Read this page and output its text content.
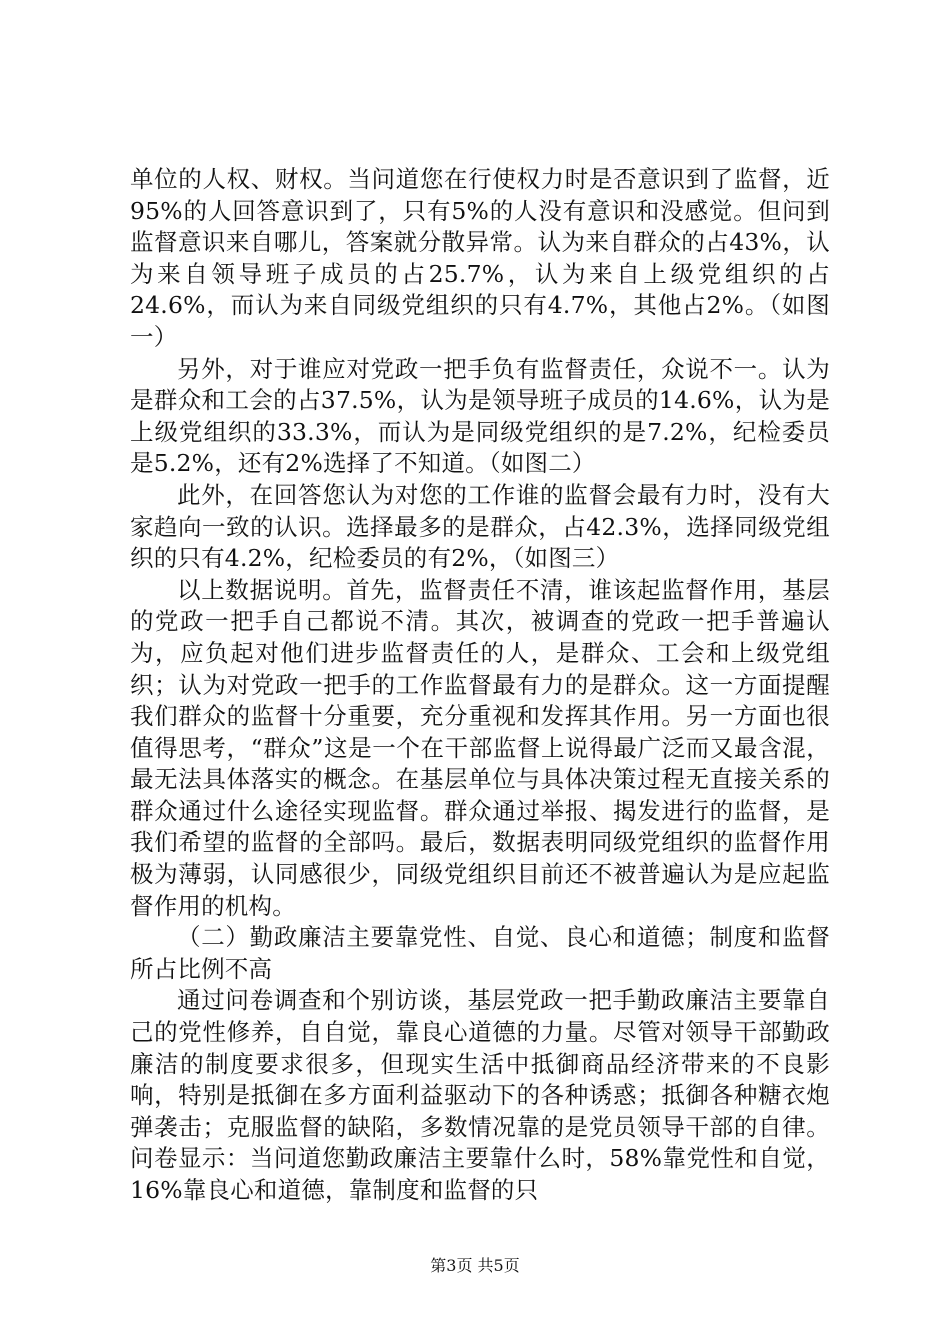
单位的人权、财权。当问道您在行使权力时是否意识到了监督，近95%的人回答意识到了，只有5%的人没有意识和没感觉。但问到监督意识来自哪儿，答案就分散异常。认为来自群众的占43%，认为来自领导班子成员的占25.7%，认为来自上级党组织的占24.6%，而认为来自同级党组织的只有4.7%，其他占2%。（如图一）

另外，对于谁应对党政一把手负有监督责任，众说不一。认为是群众和工会的占37.5%，认为是领导班子成员的14.6%，认为是上级党组织的33.3%，而认为是同级党组织的是7.2%，纪检委员是5.2%，还有2%选择了不知道。（如图二）

此外，在回答您认为对您的工作谁的监督会最有力时，没有大家趋向一致的认识。选择最多的是群众，占42.3%，选择同级党组织的只有4.2%，纪检委员的有2%，（如图三）

以上数据说明。首先，监督责任不清，谁该起监督作用，基层的党政一把手自己都说不清。其次，被调查的党政一把手普遍认为，应负起对他们进步监督责任的人，是群众、工会和上级党组织；认为对党政一把手的工作监督最有力的是群众。这一方面提醒我们群众的监督十分重要，充分重视和发挥其作用。另一方面也很值得思考，“群众”这是一个在干部监督上说得最广泛而又最含混，最无法具体落实的概念。在基层单位与具体决策过程无直接关系的群众通过什么途径实现监督。群众通过举报、揭发进行的监督，是我们希望的监督的全部吗。最后，数据表明同级党组织的监督作用极为薄弱，认同感很少，同级党组织目前还不被普遍认为是应起监督作用的机构。

（二）勤政廉洁主要靠党性、自觉、良心和道德；制度和监督所占比例不高

通过问卷调查和个别访谈，基层党政一把手勤政廉洁主要靠自己的党性修养，自自觉，靠良心道德的力量。尽管对领导干部勤政廉洁的制度要求很多，但现实生活中抵御商品经济带来的不良影响，特别是抵御在多方面利益驱动下的各种诱惑；抵御各种糖衣炮弹袭击；克服监督的缺陷，多数情况靠的是党员领导干部的自律。问卷显示：当问道您勤政廉洁主要靠什么时，58%靠党性和自觉，16%靠良心和道德，靠制度和监督的只

第3页 共5页
